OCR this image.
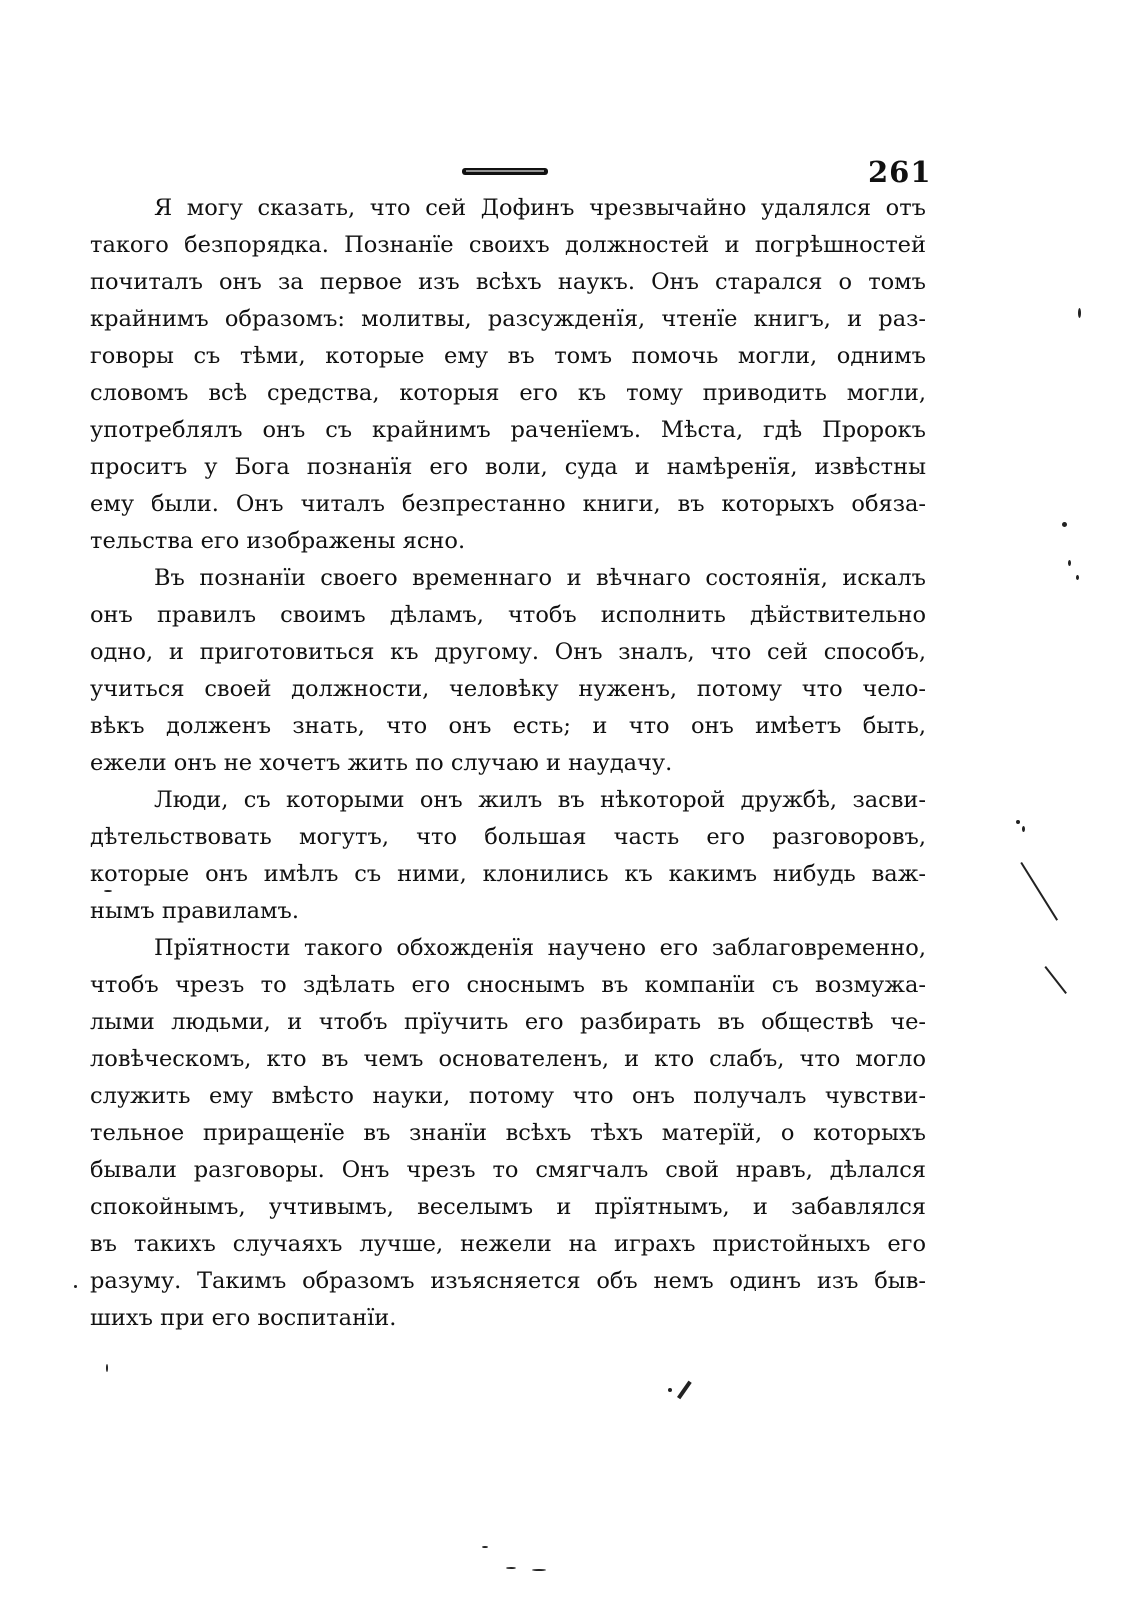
261
Я могу сказать, что сей Дофинъ чрезвычайно удалялся отъ
такого безпорядка. Познанїе своихъ должностей и погрѣшностей
почиталъ онъ за первое изъ всѣхъ наукъ. Онъ старался о томъ
крайнимъ образомъ: молитвы, разсужденїя, чтенїе книгъ, и раз-
говоры съ тѣми, которые ему въ томъ помочь могли, однимъ
словомъ всѣ средства, которыя его къ тому приводить могли,
употреблялъ онъ съ крайнимъ раченїемъ. Мѣста, гдѣ Пророкъ
проситъ у Бога познанїя его воли, суда и намѣренїя, извѣстны
ему были. Онъ читалъ безпрестанно книги, въ которыхъ обяза-
тельства его изображены ясно.
Въ познанїи своего временнаго и вѣчнаго состоянїя, искалъ
онъ правилъ своимъ дѣламъ, чтобъ исполнить дѣйствительно
одно, и приготовиться къ другому. Онъ зналъ, что сей способъ,
учиться своей должности, человѣку нуженъ, потому что чело-
вѣкъ долженъ знать, что онъ есть; и что онъ имѣетъ быть,
ежели онъ не хочетъ жить по случаю и наудачу.
Люди, съ которыми онъ жилъ въ нѣкоторой дружбѣ, засви-
дѣтельствовать могутъ, что большая часть его разговоровъ,
которые онъ имѣлъ съ ними, клонились къ какимъ нибудь важ-
нымъ правиламъ.
Прїятности такого обхожденїя научено его заблаговременно,
чтобъ чрезъ то здѣлать его сноснымъ въ компанїи съ возмужа-
лыми людьми, и чтобъ прїучить его разбирать въ обществѣ че-
ловѣческомъ, кто въ чемъ основателенъ, и кто слабъ, что могло
служить ему вмѣсто науки, потому что онъ получалъ чувстви-
тельное приращенїе въ знанїи всѣхъ тѣхъ матерїй, о которыхъ
бывали разговоры. Онъ чрезъ то смягчалъ свой нравъ, дѣлался
спокойнымъ, учтивымъ, веселымъ и прїятнымъ, и забавлялся
въ такихъ случаяхъ лучше, нежели на играхъ пристойныхъ его
разуму. Такимъ образомъ изъясняется объ немъ одинъ изъ быв-
шихъ при его воспитанїи.
